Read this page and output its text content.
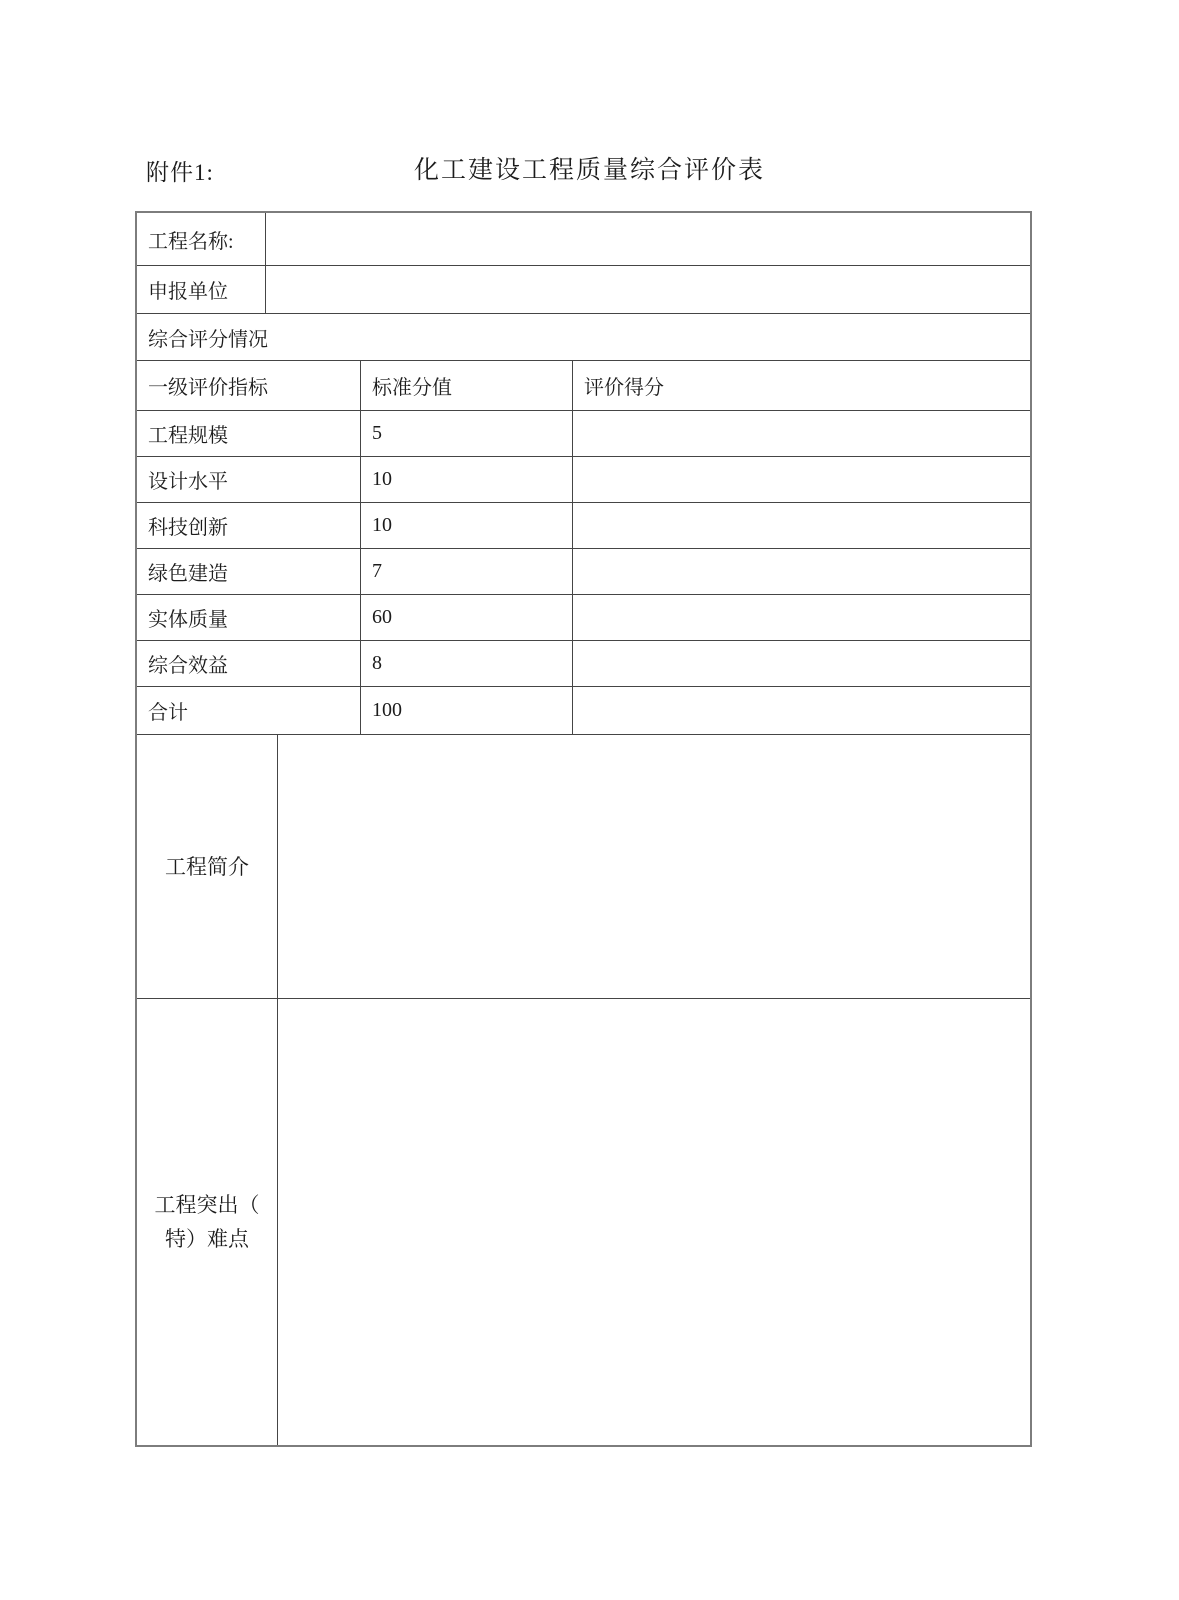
附件1:	化工建设工程质量综合评价表
工程名称:
申报单位
综合评分情况
一级评价指标	标准分值	评价得分
工程规模	5
设计水平	10
科技创新	10
绿色建造	7
实体质量	60
综合效益	8
合计	100
工程简介
工程突出（
特）难点
